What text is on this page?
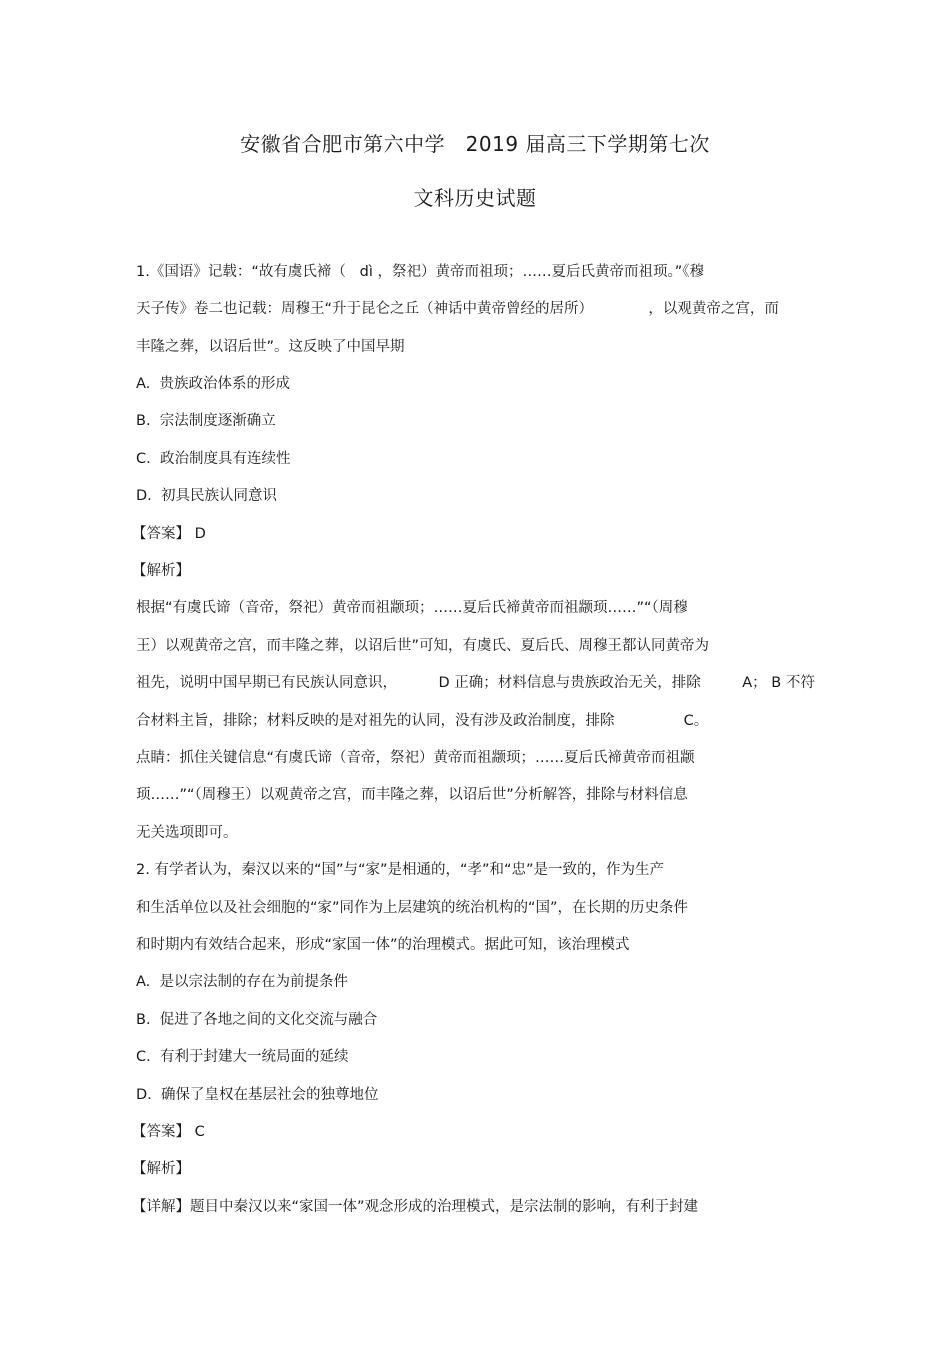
安徽省合肥市第六中学   2019 届高三下学期第七次
文科历史试题
1.《国语》记载：“故有虞氏褅（   dì ，祭祀）黄帝而祖顼；……夏后氏黄帝而祖顼。”《穆
天子传》卷二也记载：周穆王“升于昆仑之丘（神话中黄帝曾经的居所）            ，以观黄帝之宫，而
丰隆之葬，以诏后世”。这反映了中国早期
A.  贵族政治体系的形成
B.  宗法制度逐渐确立
C.  政治制度具有连续性
D.  初具民族认同意识
【答案】 D
【解析】
根据“有虞氏谛（音帝，祭祀）黄帝而祖颛顼；……夏后氏褅黄帝而祖颛顼……”“（周穆
王）以观黄帝之宫，而丰隆之葬，以诏后世”可知，有虞氏、夏后氏、周穆王都认同黄帝为
祖先，说明中国早期已有民族认同意识，         D 正确；材料信息与贵族政治无关，排除         A； B 不符
合材料主旨，排除；材料反映的是对祖先的认同，没有涉及政治制度，排除               C。
点睛：抓住关键信息“有虞氏谛（音帝，祭祀）黄帝而祖颛顼；……夏后氏褅黄帝而祖颛
顼……”“（周穆王）以观黄帝之宫，而丰隆之葬，以诏后世”分析解答，排除与材料信息
无关选项即可。
2. 有学者认为，秦汉以来的“国”与“家”是相通的，“孝”和“忠”是一致的，作为生产
和生活单位以及社会细胞的“家”同作为上层建筑的统治机构的“国”，在长期的历史条件
和时期内有效结合起来，形成“家国一体”的治理模式。据此可知，该治理模式
A.  是以宗法制的存在为前提条件
B.  促进了各地之间的文化交流与融合
C.  有利于封建大一统局面的延续
D.  确保了皇权在基层社会的独尊地位
【答案】 C
【解析】
【详解】题目中秦汉以来“家国一体”观念形成的治理模式，是宗法制的影响，有利于封建
